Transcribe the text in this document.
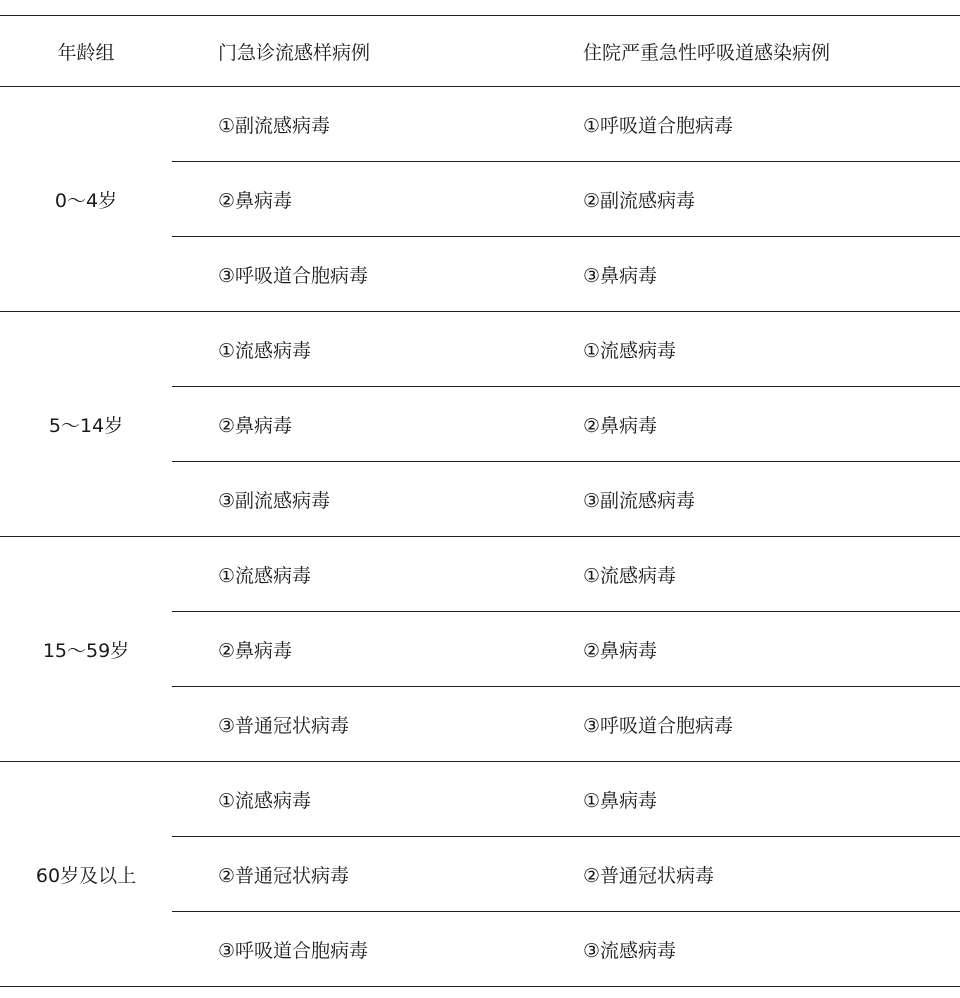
年龄组	门急诊流感样病例	住院严重急性呼吸道感染病例
0～4岁	①副流感病毒	①呼吸道合胞病毒
	②鼻病毒	②副流感病毒
	③呼吸道合胞病毒	③鼻病毒
5～14岁	①流感病毒	①流感病毒
	②鼻病毒	②鼻病毒
	③副流感病毒	③副流感病毒
15～59岁	①流感病毒	①流感病毒
	②鼻病毒	②鼻病毒
	③普通冠状病毒	③呼吸道合胞病毒
60岁及以上	①流感病毒	①鼻病毒
	②普通冠状病毒	②普通冠状病毒
	③呼吸道合胞病毒	③流感病毒
